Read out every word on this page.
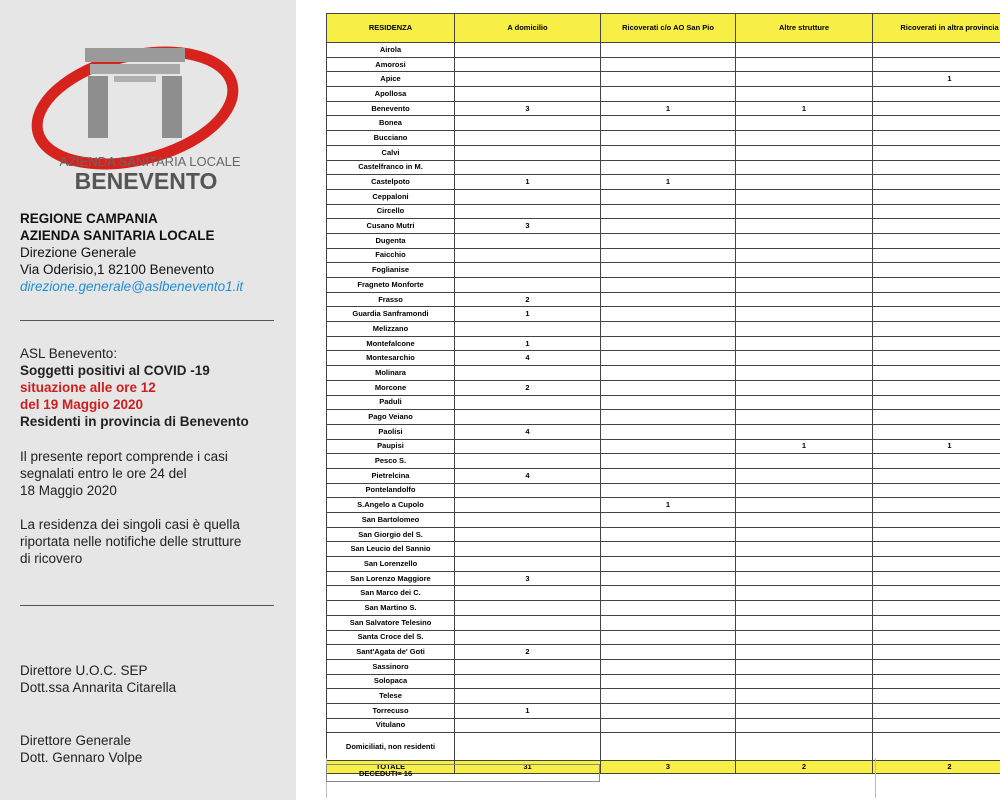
AZIENDA SANITARIA LOCALE
BENEVENTO
REGIONE CAMPANIA
AZIENDA SANITARIA LOCALE
Direzione Generale
Via Oderisio,1 82100 Benevento
direzione.generale@aslbenevento1.it
ASL Benevento:
Soggetti positivi al COVID -19
situazione alle ore 12
del 19 Maggio 2020
Residenti in provincia di Benevento
Il presente report comprende i casi
segnalati entro le ore 24 del
18 Maggio 2020
La residenza dei singoli casi è quella
riportata nelle notifiche delle strutture
di ricovero
Direttore U.O.C. SEP
Dott.ssa Annarita Citarella
Direttore Generale
Dott. Gennaro Volpe
RESIDENZA	A domicilio	Ricoverati c/o AO San Pio	Altre strutture	Ricoverati in altra provincia
Airola				
Amorosi				
Apice				1
Apollosa				
Benevento	3	1	1	
Bonea				
Bucciano				
Calvi				
Castelfranco in M.				
Castelpoto	1	1		
Ceppaloni				
Circello				
Cusano Mutri	3			
Dugenta				
Faicchio				
Foglianise				
Fragneto Monforte				
Frasso	2			
Guardia Sanframondi	1			
Melizzano				
Montefalcone	1			
Montesarchio	4			
Molinara				
Morcone	2			
Paduli				
Pago Veiano				
Paolisi	4			
Paupisi			1	1
Pesco S.				
Pietrelcina	4			
Pontelandolfo				
S.Angelo a Cupolo		1		
San Bartolomeo				
San Giorgio del S.				
San Leucio del Sannio				
San Lorenzello				
San Lorenzo Maggiore	3			
San Marco dei C.				
San Martino S.				
San Salvatore Telesino				
Santa Croce del S.				
Sant'Agata de' Goti	2			
Sassinoro				
Solopaca				
Telese				
Torrecuso	1			
Vitulano				
Domiciliati, non residenti				
TOTALE	31	3	2	2
DECEDUTI= 16
